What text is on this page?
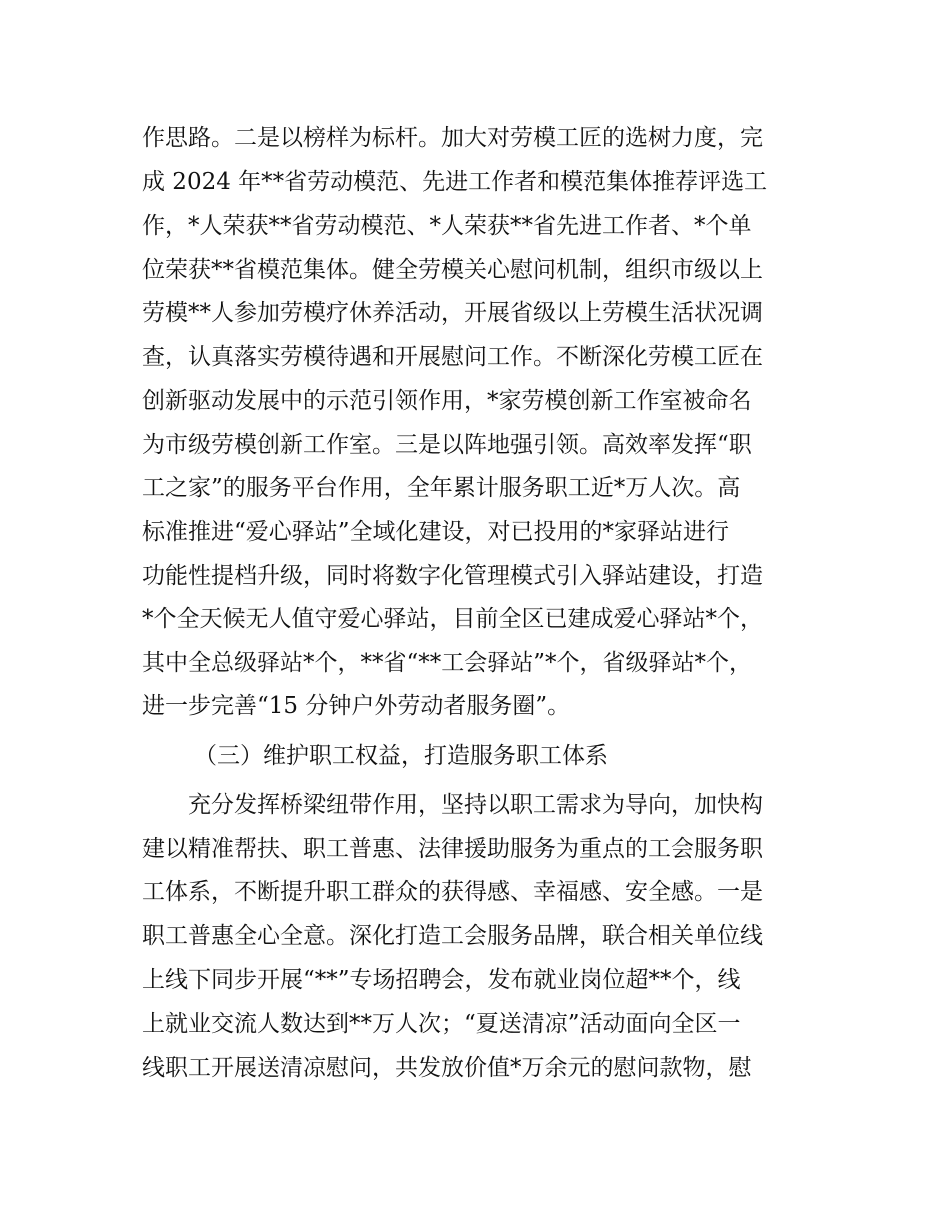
作思路。二是以榜样为标杆。加大对劳模工匠的选树力度，完
成 2024 年**省劳动模范、先进工作者和模范集体推荐评选工
作，*人荣获**省劳动模范、*人荣获**省先进工作者、*个单
位荣获**省模范集体。健全劳模关心慰问机制，组织市级以上
劳模**人参加劳模疗休养活动，开展省级以上劳模生活状况调
查，认真落实劳模待遇和开展慰问工作。不断深化劳模工匠在
创新驱动发展中的示范引领作用，*家劳模创新工作室被命名
为市级劳模创新工作室。三是以阵地强引领。高效率发挥“职
工之家”的服务平台作用，全年累计服务职工近*万人次。高
标准推进“爱心驿站”全域化建设，对已投用的*家驿站进行
功能性提档升级，同时将数字化管理模式引入驿站建设，打造
*个全天候无人值守爱心驿站，目前全区已建成爱心驿站*个，
其中全总级驿站*个，**省“**工会驿站”*个，省级驿站*个，
进一步完善“15 分钟户外劳动者服务圈”。
（三）维护职工权益，打造服务职工体系
充分发挥桥梁纽带作用，坚持以职工需求为导向，加快构
建以精准帮扶、职工普惠、法律援助服务为重点的工会服务职
工体系，不断提升职工群众的获得感、幸福感、安全感。一是
职工普惠全心全意。深化打造工会服务品牌，联合相关单位线
上线下同步开展“**”专场招聘会，发布就业岗位超**个，线
上就业交流人数达到**万人次；“夏送清凉”活动面向全区一
线职工开展送清凉慰问，共发放价值*万余元的慰问款物，慰
